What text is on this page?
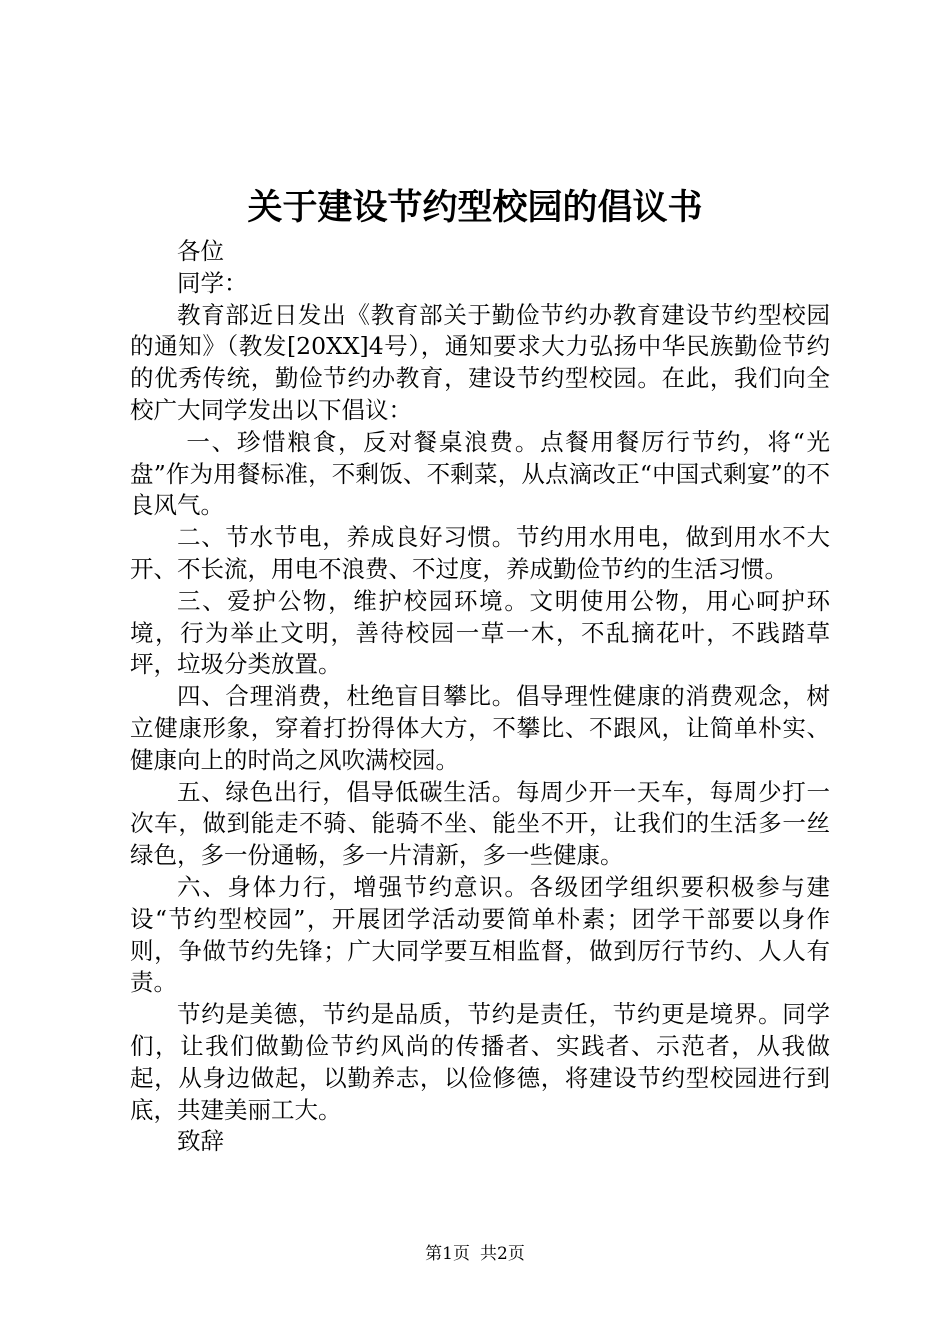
关于建设节约型校园的倡议书

各位

同学：

教育部近日发出《教育部关于勤俭节约办教育建设节约型校园的通知》（教发[20XX]4号），通知要求大力弘扬中华民族勤俭节约的优秀传统，勤俭节约办教育，建设节约型校园。在此，我们向全校广大同学发出以下倡议：

一、珍惜粮食，反对餐桌浪费。点餐用餐厉行节约，将“光盘”作为用餐标准，不剩饭、不剩菜，从点滴改正“中国式剩宴”的不良风气。

二、节水节电，养成良好习惯。节约用水用电，做到用水不大开、不长流，用电不浪费、不过度，养成勤俭节约的生活习惯。

三、爱护公物，维护校园环境。文明使用公物，用心呵护环境，行为举止文明，善待校园一草一木，不乱摘花叶，不践踏草坪，垃圾分类放置。

四、合理消费，杜绝盲目攀比。倡导理性健康的消费观念，树立健康形象，穿着打扮得体大方，不攀比、不跟风，让简单朴实、健康向上的时尚之风吹满校园。

五、绿色出行，倡导低碳生活。每周少开一天车，每周少打一次车，做到能走不骑、能骑不坐、能坐不开，让我们的生活多一丝绿色，多一份通畅，多一片清新，多一些健康。

六、身体力行，增强节约意识。各级团学组织要积极参与建设“节约型校园”，开展团学活动要简单朴素；团学干部要以身作则，争做节约先锋；广大同学要互相监督，做到厉行节约、人人有责。

节约是美德，节约是品质，节约是责任，节约更是境界。同学们，让我们做勤俭节约风尚的传播者、实践者、示范者，从我做起，从身边做起，以勤养志，以俭修德，将建设节约型校园进行到底，共建美丽工大。

致辞

第1页 共2页
